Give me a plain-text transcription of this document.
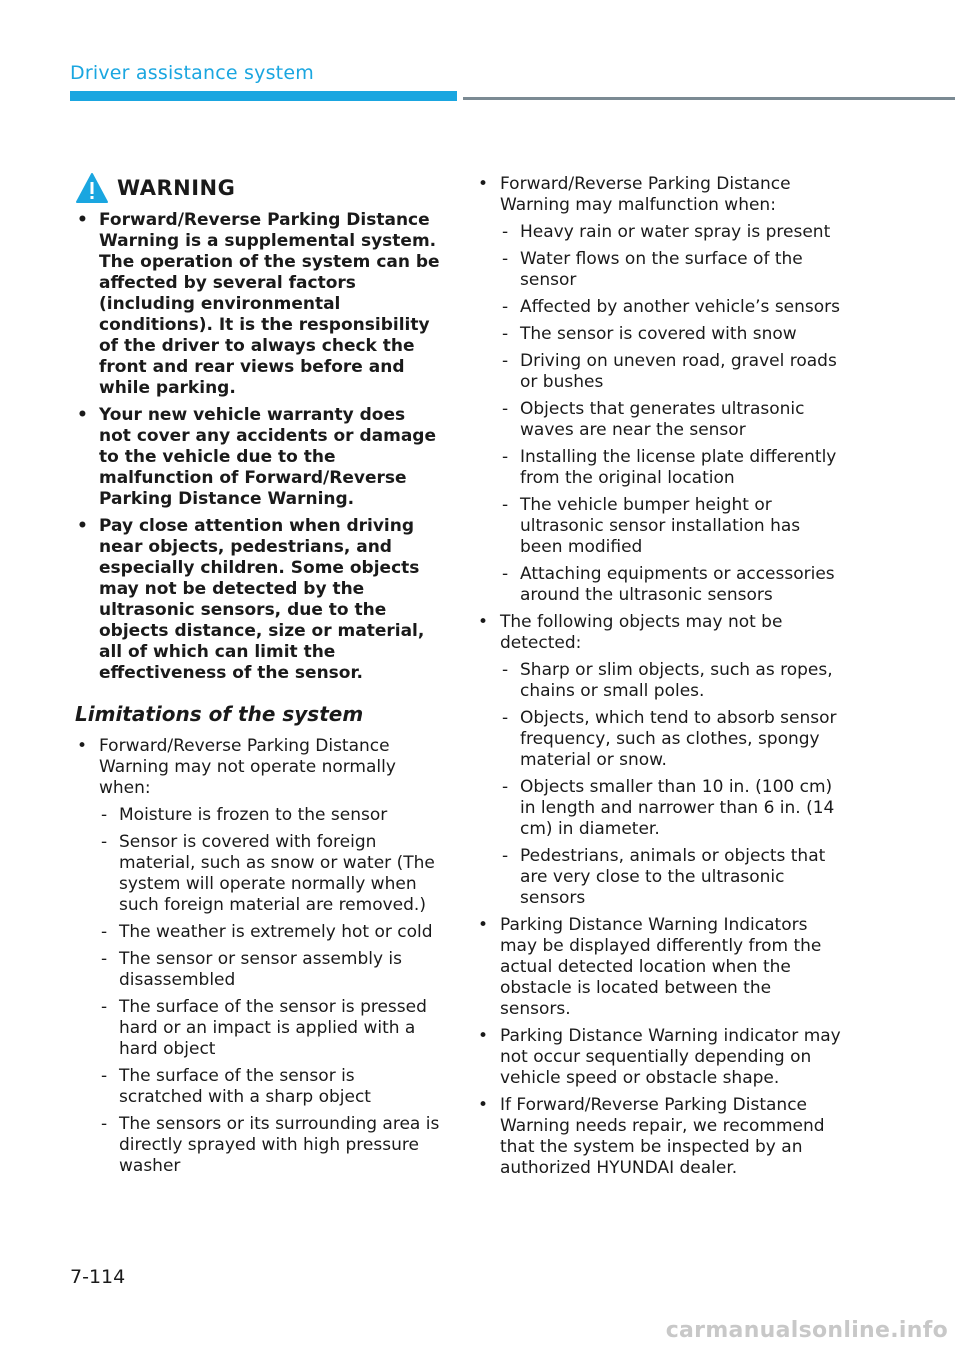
Driver assistance system
WARNING
• Forward/Reverse Parking Distance Warning is a supplemental system. The operation of the system can be affected by several factors (including environmental conditions). It is the responsibility of the driver to always check the front and rear views before and while parking.
• Your new vehicle warranty does not cover any accidents or damage to the vehicle due to the malfunction of Forward/Reverse Parking Distance Warning.
• Pay close attention when driving near objects, pedestrians, and especially children. Some objects may not be detected by the ultrasonic sensors, due to the objects distance, size or material, all of which can limit the effectiveness of the sensor.
Limitations of the system
• Forward/Reverse Parking Distance Warning may not operate normally when:
- Moisture is frozen to the sensor
- Sensor is covered with foreign material, such as snow or water (The system will operate normally when such foreign material are removed.)
- The weather is extremely hot or cold
- The sensor or sensor assembly is disassembled
- The surface of the sensor is pressed hard or an impact is applied with a hard object
- The surface of the sensor is scratched with a sharp object
- The sensors or its surrounding area is directly sprayed with high pressure washer
• Forward/Reverse Parking Distance Warning may malfunction when:
- Heavy rain or water spray is present
- Water flows on the surface of the sensor
- Affected by another vehicle’s sensors
- The sensor is covered with snow
- Driving on uneven road, gravel roads or bushes
- Objects that generates ultrasonic waves are near the sensor
- Installing the license plate differently from the original location
- The vehicle bumper height or ultrasonic sensor installation has been modified
- Attaching equipments or accessories around the ultrasonic sensors
• The following objects may not be detected:
- Sharp or slim objects, such as ropes, chains or small poles.
- Objects, which tend to absorb sensor frequency, such as clothes, spongy material or snow.
- Objects smaller than 10 in. (100 cm) in length and narrower than 6 in. (14 cm) in diameter.
- Pedestrians, animals or objects that are very close to the ultrasonic sensors
• Parking Distance Warning Indicators may be displayed differently from the actual detected location when the obstacle is located between the sensors.
• Parking Distance Warning indicator may not occur sequentially depending on vehicle speed or obstacle shape.
• If Forward/Reverse Parking Distance Warning needs repair, we recommend that the system be inspected by an authorized HYUNDAI dealer.
7-114
carmanualsonline.info
